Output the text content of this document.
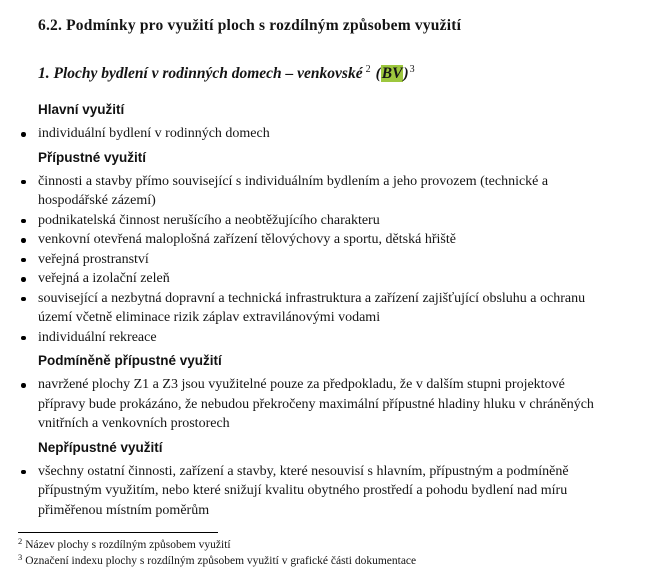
6.2. Podmínky pro využití ploch s rozdílným způsobem využití
1. Plochy bydlení v rodinných domech – venkovské $^2$ (BV)$^3$
Hlavní využití
individuální bydlení v rodinných domech
Přípustné využití
činnosti a stavby přímo související s individuálním bydlením a jeho provozem (technické a hospodářské zázemí)
podnikatelská činnost nerušícího a neobtěžujícího charakteru
venkovní otevřená maloplošná zařízení tělovýchovy a sportu, dětská hřiště
veřejná prostranství
veřejná a izolační zeleň
související a nezbytná dopravní a technická infrastruktura a zařízení zajišťující obsluhu a ochranu území včetně eliminace rizik záplav extravilánovými vodami
individuální rekreace
Podmíněně přípustné využití
navržené plochy Z1 a Z3 jsou využitelné pouze za předpokladu, že v dalším stupni projektové přípravy bude prokázáno, že nebudou překročeny maximální přípustné hladiny hluku v chráněných vnitřních a venkovních prostorech
Nepřípustné využití
všechny ostatní činnosti, zařízení a stavby, které nesouvisí s hlavním, přípustným a podmíněně přípustným využitím, nebo které snižují kvalitu obytného prostředí a pohodu bydlení nad míru přiměřenou místním poměrům
$^2$ Název plochy s rozdílným způsobem využití
$^3$ Označení indexu plochy s rozdílným způsobem využití v grafické části dokumentace
